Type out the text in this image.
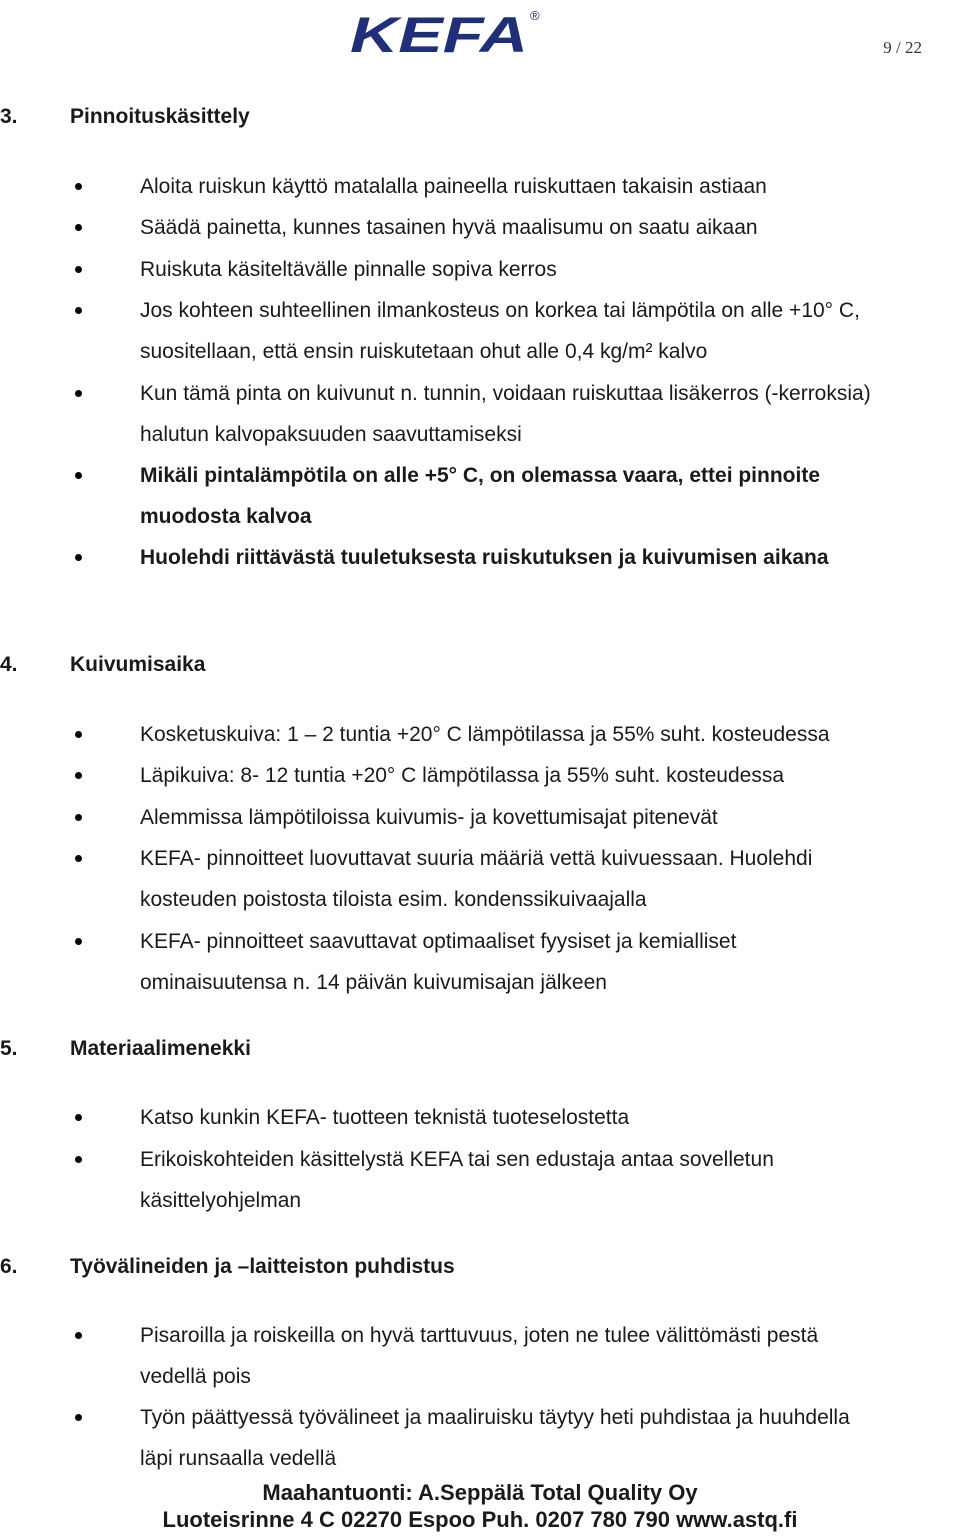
KEFA ®
9 / 22
3. Pinnoituskäsittely
Aloita ruiskun käyttö matalalla paineella ruiskuttaen takaisin astiaan
Säädä painetta, kunnes tasainen hyvä maalisumu on saatu aikaan
Ruiskuta käsiteltävälle pinnalle sopiva kerros
Jos kohteen suhteellinen ilmankosteus on korkea tai lämpötila on alle +10° C,
suositellaan, että ensin ruiskutetaan ohut alle 0,4 kg/m² kalvo
Kun tämä pinta on kuivunut n. tunnin, voidaan ruiskuttaa lisäkerros (-kerroksia)
halutun kalvopaksuuden saavuttamiseksi
Mikäli pintalämpötila on alle +5° C, on olemassa vaara, ettei pinnoite
muodosta kalvoa
Huolehdi riittävästä tuuletuksesta ruiskutuksen ja kuivumisen aikana
4. Kuivumisaika
Kosketuskuiva: 1 – 2 tuntia +20° C lämpötilassa ja 55% suht. kosteudessa
Läpikuiva: 8- 12 tuntia +20° C lämpötilassa ja 55% suht. kosteudessa
Alemmissa lämpötiloissa kuivumis- ja kovettumisajat pitenevät
KEFA- pinnoitteet luovuttavat suuria määriä vettä kuivuessaan. Huolehdi
kosteuden poistosta tiloista esim. kondenssikuivaajalla
KEFA- pinnoitteet saavuttavat optimaaliset fyysiset ja kemialliset
ominaisuutensa n. 14 päivän kuivumisajan jälkeen
5. Materiaalimenekki
Katso kunkin KEFA- tuotteen teknistä tuoteselostetta
Erikoiskohteiden käsittelystä KEFA tai sen edustaja antaa sovelletun
käsittelyohjelman
6. Työvälineiden ja –laitteiston puhdistus
Pisaroilla ja roiskeilla on hyvä tarttuvuus, joten ne tulee välittömästi pestä
vedellä pois
Työn päättyessä työvälineet ja maaliruisku täytyy heti puhdistaa ja huuhdella
läpi runsaalla vedellä
Maahantuonti: A.Seppälä Total Quality Oy
Luoteisrinne 4 C 02270 Espoo Puh. 0207 780 790 www.astq.fi
